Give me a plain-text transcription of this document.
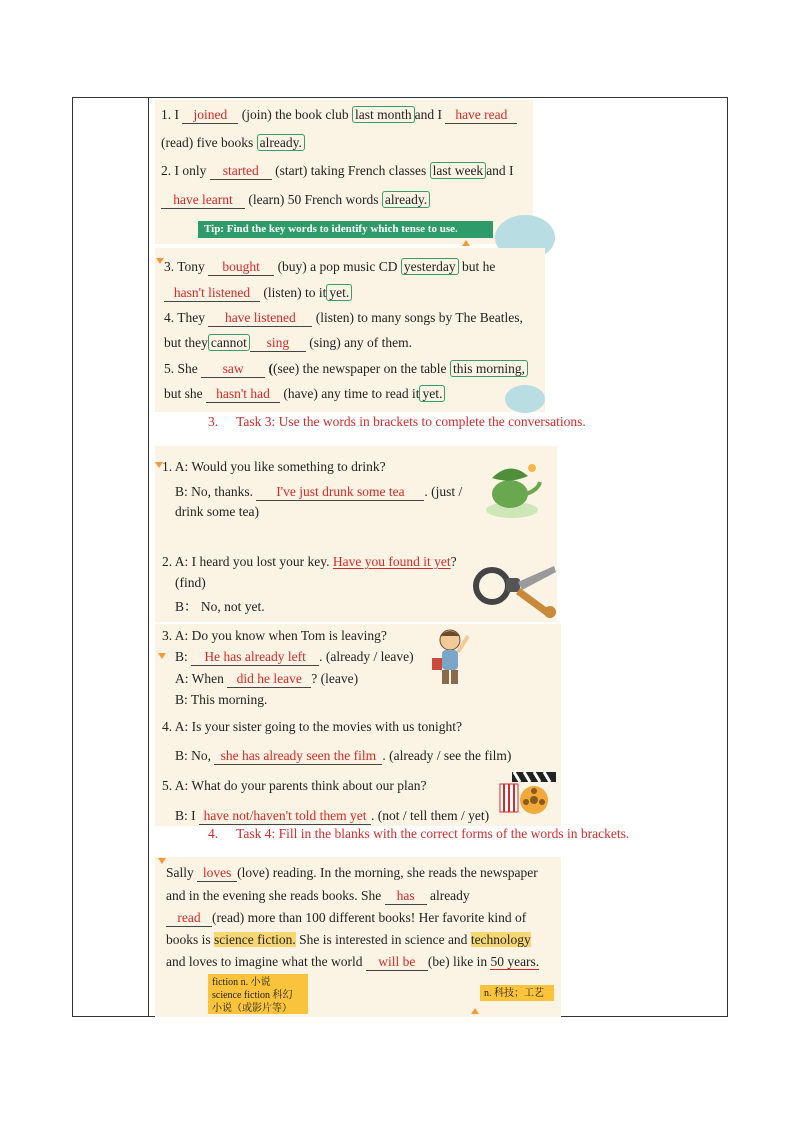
1. I joined (join) the book club last month and I have read
(read) five books already.
2. I only started (start) taking French classes last week and I
have learnt (learn) 50 French words already.
Tip: Find the key words to identify which tense to use.
3. Tony bought (buy) a pop music CD yesterday but he
hasn't listened (listen) to it yet.
4. They have listened (listen) to many songs by The Beatles,
but they cannot sing (sing) any of them.
5. She saw ((see) the newspaper on the table this morning,
but she hasn't had (have) any time to read it yet.
3. Task 3: Use the words in brackets to complete the conversations.
1. A: Would you like something to drink?
B: No, thanks. I've just drunk some tea . (just /
drink some tea)
2. A: I heard you lost your key. Have you found it yet?
(find)
B： No, not yet.
3. A: Do you know when Tom is leaving?
B: He has already left . (already / leave)
A: When did he leave ? (leave)
B: This morning.
4. A: Is your sister going to the movies with us tonight?
B: No, she has already seen the film . (already / see the film)
5. A: What do your parents think about our plan?
B: I have not/haven't told them yet . (not / tell them / yet)
4. Task 4: Fill in the blanks with the correct forms of the words in brackets.
Sally loves (love) reading. In the morning, she reads the newspaper
and in the evening she reads books. She has already
read (read) more than 100 different books! Her favorite kind of
books is science fiction. She is interested in science and technology
and loves to imagine what the world will be (be) like in 50 years.
fiction n. 小说
science fiction 科幻
小说（或影片等）
n. 科技；工艺
